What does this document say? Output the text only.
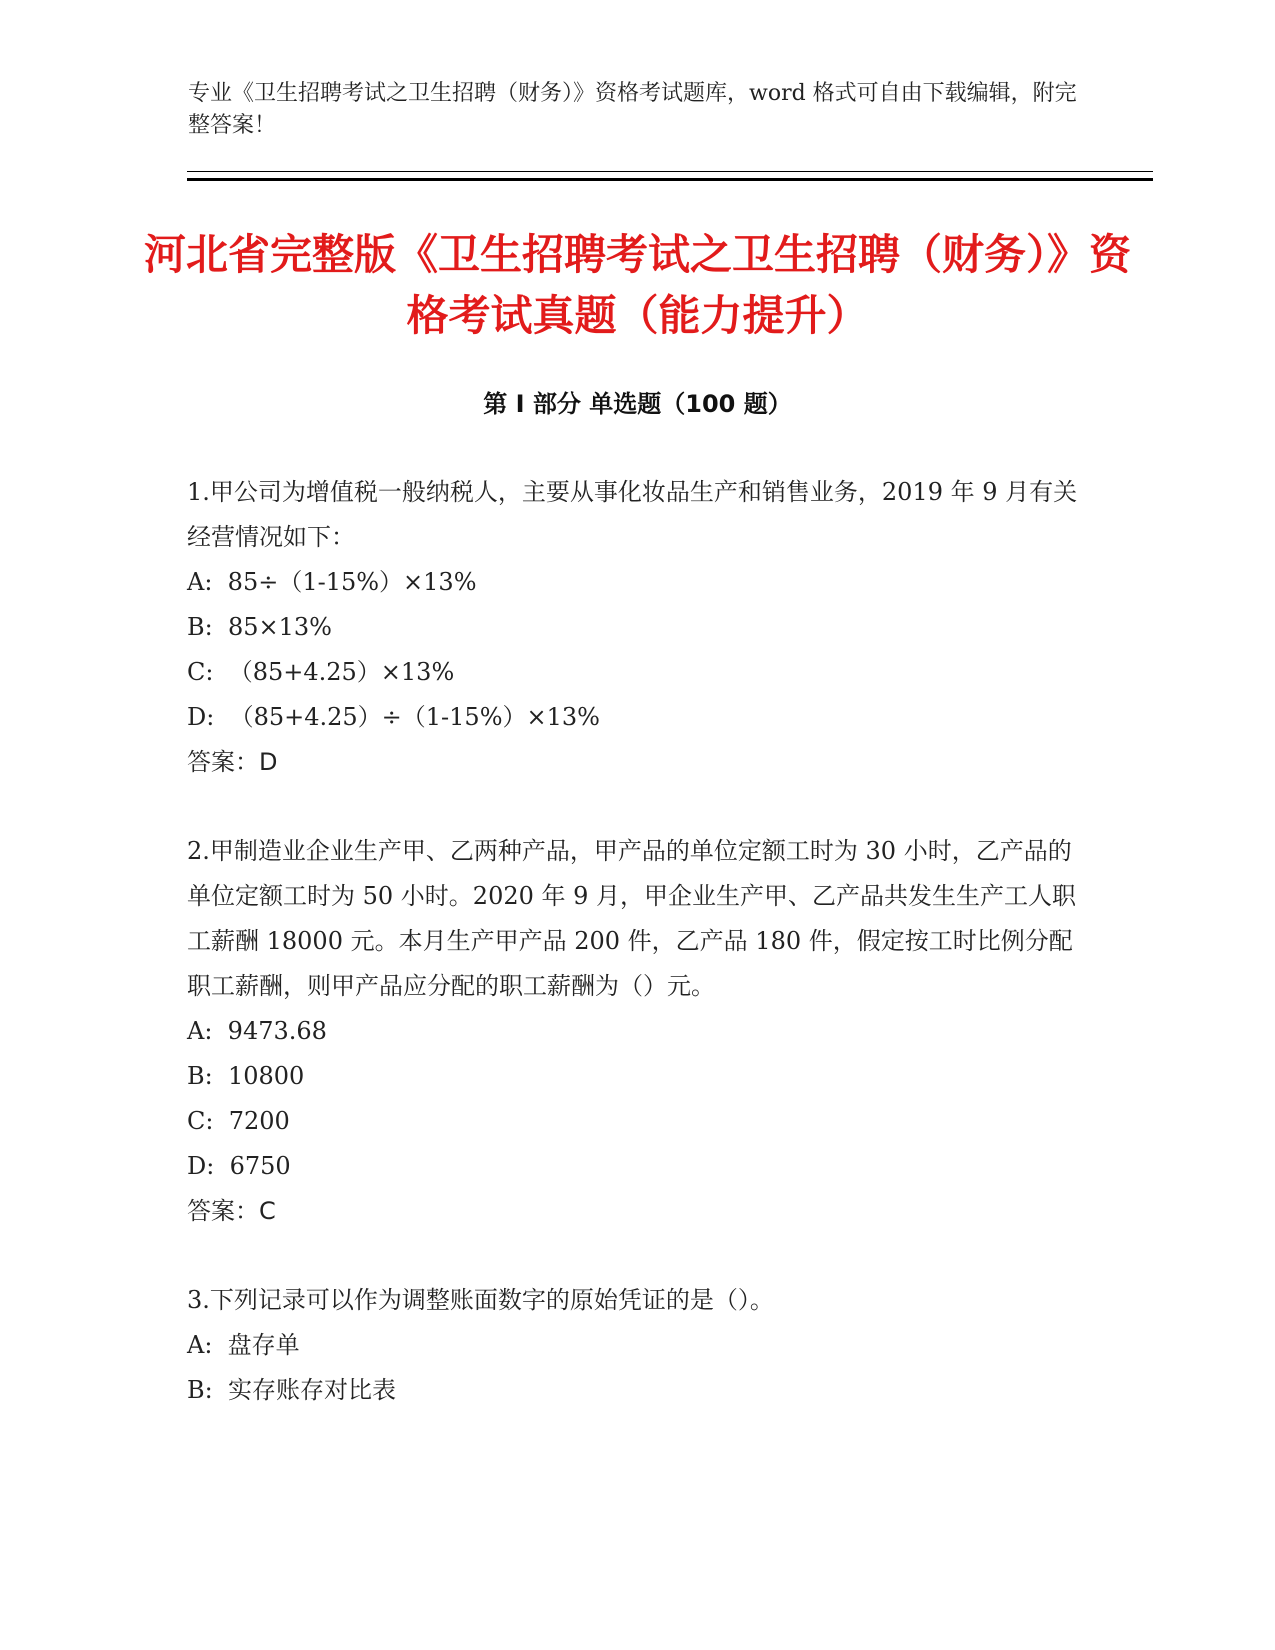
专业《卫生招聘考试之卫生招聘（财务）》资格考试题库，word 格式可自由下载编辑，附完整答案！
河北省完整版《卫生招聘考试之卫生招聘（财务）》资格考试真题（能力提升）
第 I 部分 单选题（100 题）
1.甲公司为增值税一般纳税人，主要从事化妆品生产和销售业务，2019 年 9 月有关经营情况如下：
A:  85÷（1-15%）×13%
B:  85×13%
C:  （85+4.25）×13%
D:  （85+4.25）÷（1-15%）×13%
答案：D
2.甲制造业企业生产甲、乙两种产品，甲产品的单位定额工时为 30 小时，乙产品的单位定额工时为 50 小时。2020 年 9 月，甲企业生产甲、乙产品共发生生产工人职工薪酬 18000 元。本月生产甲产品 200 件，乙产品 180 件，假定按工时比例分配职工薪酬，则甲产品应分配的职工薪酬为（）元。
A:  9473.68
B:  10800
C:  7200
D:  6750
答案：C
3.下列记录可以作为调整账面数字的原始凭证的是（）。
A:  盘存单
B:  实存账存对比表
